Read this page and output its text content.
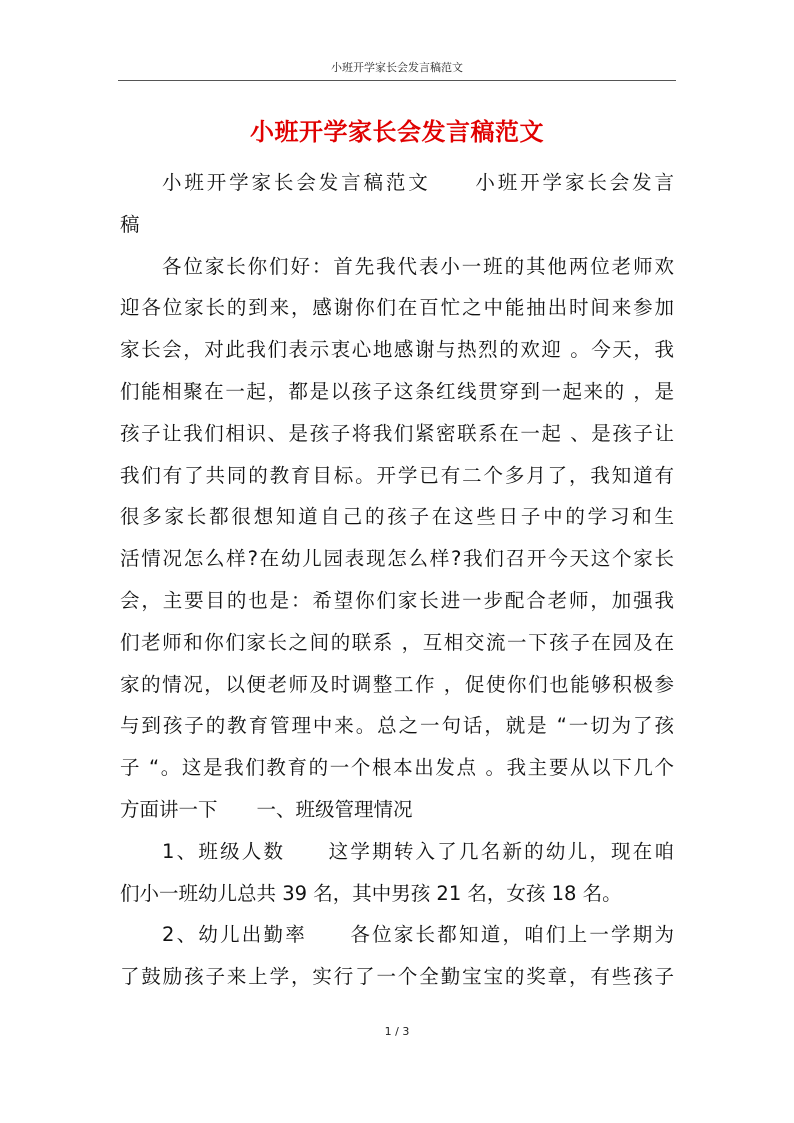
小班开学家长会发言稿范文
小班开学家长会发言稿范文
小班开学家长会发言稿范文　　小班开学家长会发言
稿
各位家长你们好：首先我代表小一班的其他两位老师欢
迎各位家长的到来，感谢你们在百忙之中能抽出时间来参加
家长会，对此我们表示衷心地感谢与热烈的欢迎 。今天，我
们能相聚在一起，都是以孩子这条红线贯穿到一起来的 ，是
孩子让我们相识、是孩子将我们紧密联系在一起 、是孩子让
我们有了共同的教育目标。开学已有二个多月了，我知道有
很多家长都很想知道自己的孩子在这些日子中的学习和生
活情况怎么样?在幼儿园表现怎么样?我们召开今天这个家长
会，主要目的也是：希望你们家长进一步配合老师，加强我
们老师和你们家长之间的联系 ，互相交流一下孩子在园及在
家的情况，以便老师及时调整工作 ，促使你们也能够积极参
与到孩子的教育管理中来。总之一句话，就是 “一切为了孩
子 “。这是我们教育的一个根本出发点 。我主要从以下几个
方面讲一下　　一、班级管理情况
1、班级人数　　这学期转入了几名新的幼儿，现在咱
们小一班幼儿总共 39 名，其中男孩 21 名，女孩 18 名。
2、幼儿出勤率　　各位家长都知道，咱们上一学期为
了鼓励孩子来上学，实行了一个全勤宝宝的奖章，有些孩子
1 / 3
